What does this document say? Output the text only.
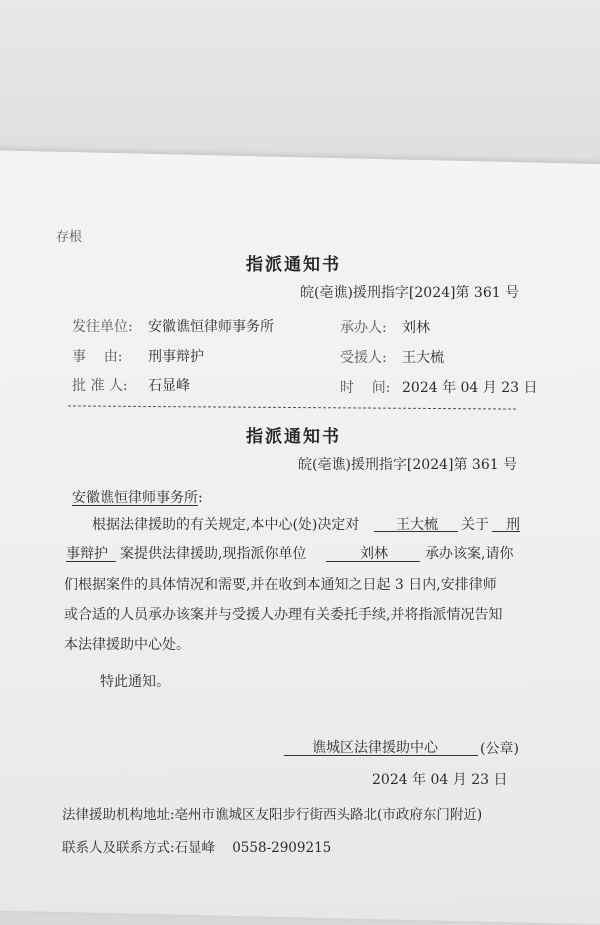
存根
指派通知书
皖(亳谯)援刑指字[2024]第 361 号
发往单位: 安徽谯恒律师事务所	承办人: 刘林
事    由: 刑事辩护	受援人: 王大梳
批 准 人: 石显峰	时    间: 2024 年 04 月 23 日
指派通知书
皖(亳谯)援刑指字[2024]第 361 号
安徽谯恒律师事务所:
根据法律援助的有关规定,本中心(处)决定对	王大梳 关于 刑
事辩护 案提供法律援助,现指派你单位	刘林	承办该案,请你
们根据案件的具体情况和需要,并在收到本通知之日起 3 日内,安排律师
或合适的人员承办该案并与受援人办理有关委托手续,并将指派情况告知
本法律援助中心处。
特此通知。
谯城区法律援助中心	(公章)
2024 年 04 月 23 日
法律援助机构地址:亳州市谯城区友阳步行街西头路北(市政府东门附近)
联系人及联系方式:石显峰    0558-2909215
